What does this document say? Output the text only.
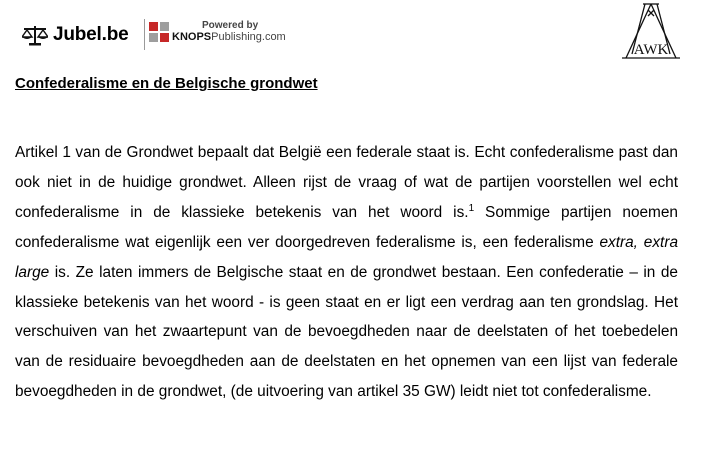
Jubel.be	Powered by
KNOPSPublishing.com
AWK
Confederalisme en de Belgische grondwet

Artikel 1 van de Grondwet bepaalt dat België een federale staat is. Echt confederalisme past dan ook niet in de huidige grondwet. Alleen rijst de vraag of wat de partijen voorstellen wel echt confederalisme in de klassieke betekenis van het woord is.$^1$ Sommige partijen noemen confederalisme wat eigenlijk een ver doorgedreven federalisme is, een federalisme extra, extra large is. Ze laten immers de Belgische staat en de grondwet bestaan. Een confederatie – in de klassieke betekenis van het woord - is geen staat en er ligt een verdrag aan ten grondslag. Het verschuiven van het zwaartepunt van de bevoegdheden naar de deelstaten of het toebedelen van de residuaire bevoegdheden aan de deelstaten en het opnemen van een lijst van federale bevoegdheden in de grondwet, (de uitvoering van artikel 35 GW) leidt niet tot confederalisme.
